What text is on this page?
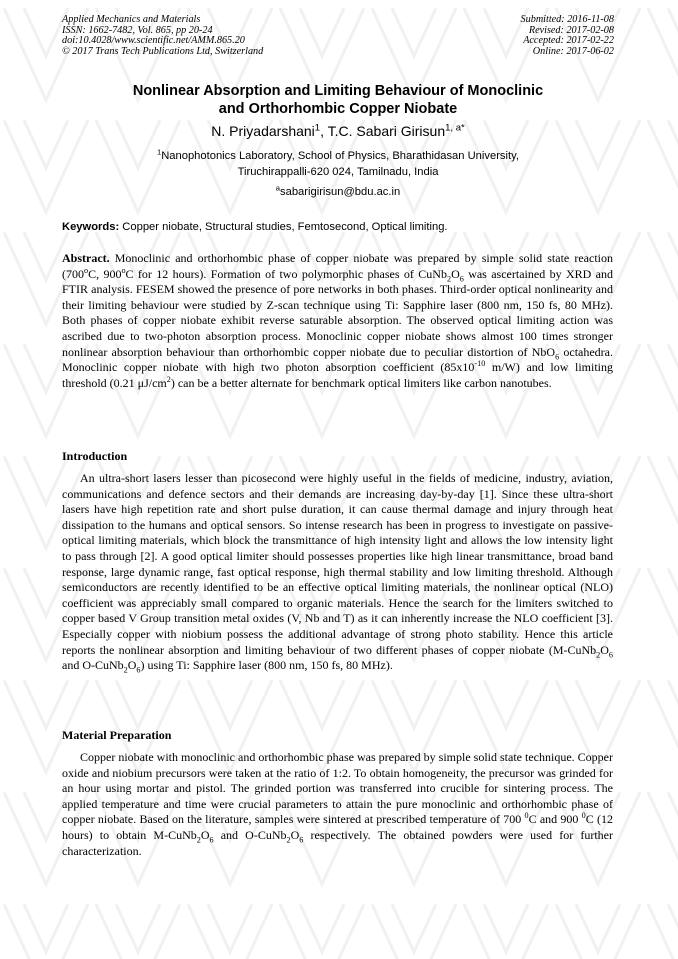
Applied Mechanics and Materials
ISSN: 1662-7482, Vol. 865, pp 20-24
doi:10.4028/www.scientific.net/AMM.865.20
© 2017 Trans Tech Publications Ltd, Switzerland
Submitted: 2016-11-08
Revised: 2017-02-08
Accepted: 2017-02-22
Online: 2017-06-02
Nonlinear Absorption and Limiting Behaviour of Monoclinic
and Orthorhombic Copper Niobate
N. Priyadarshani$^1$, T.C. Sabari Girisun$^{1, a*}$
$^1$Nanophotonics Laboratory, School of Physics, Bharathidasan University,
Tiruchirappalli-620 024, Tamilnadu, India
$^a$sabarigirisun@bdu.ac.in
Keywords: Copper niobate, Structural studies, Femtosecond, Optical limiting.

Abstract. Monoclinic and orthorhombic phase of copper niobate was prepared by simple solid state reaction (700$^o$C, 900$^o$C for 12 hours). Formation of two polymorphic phases of $CuNb_2O_6$ was ascertained by XRD and FTIR analysis. FESEM showed the presence of pore networks in both phases. Third-order optical nonlinearity and their limiting behaviour were studied by Z-scan technique using Ti: Sapphire laser (800 nm, 150 fs, 80 MHz). Both phases of copper niobate exhibit reverse saturable absorption. The observed optical limiting action was ascribed due to two-photon absorption process. Monoclinic copper niobate shows almost 100 times stronger nonlinear absorption behaviour than orthorhombic copper niobate due to peculiar distortion of NbO$_6$ octahedra. Monoclinic copper niobate with high two photon absorption coefficient ($85x10^{-10}$ m/W) and low limiting threshold (0.21 $\mu J/cm^2$) can be a better alternate for benchmark optical limiters like carbon nanotubes.

Introduction

An ultra-short lasers lesser than picosecond were highly useful in the fields of medicine, industry, aviation, communications and defence sectors and their demands are increasing day-by-day [1]. Since these ultra-short lasers have high repetition rate and short pulse duration, it can cause thermal damage and injury through heat dissipation to the humans and optical sensors. So intense research has been in progress to investigate on passive-optical limiting materials, which block the transmittance of high intensity light and allows the low intensity light to pass through [2]. A good optical limiter should possesses properties like high linear transmittance, broad band response, large dynamic range, fast optical response, high thermal stability and low limiting threshold. Although semiconductors are recently identified to be an effective optical limiting materials, the nonlinear optical (NLO) coefficient was appreciably small compared to organic materials. Hence the search for the limiters switched to copper based V Group transition metal oxides (V, Nb and T) as it can inherently increase the NLO coefficient [3]. Especially copper with niobium possess the additional advantage of strong photo stability. Hence this article reports the nonlinear absorption and limiting behaviour of two different phases of copper niobate ($M-CuNb_2O_6$ and $O-CuNb_2O_6$) using Ti: Sapphire laser (800 nm, 150 fs, 80 MHz).

Material Preparation

Copper niobate with monoclinic and orthorhombic phase was prepared by simple solid state technique. Copper oxide and niobium precursors were taken at the ratio of 1:2. To obtain homogeneity, the precursor was grinded for an hour using mortar and pistol. The grinded portion was transferred into crucible for sintering process. The applied temperature and time were crucial parameters to attain the pure monoclinic and orthorhombic phase of copper niobate. Based on the literature, samples were sintered at prescribed temperature of 700 $^0$C and 900 $^0$C (12 hours) to obtain $M-CuNb_2O_6$ and $O-CuNb_2O_6$ respectively. The obtained powders were used for further characterization.
